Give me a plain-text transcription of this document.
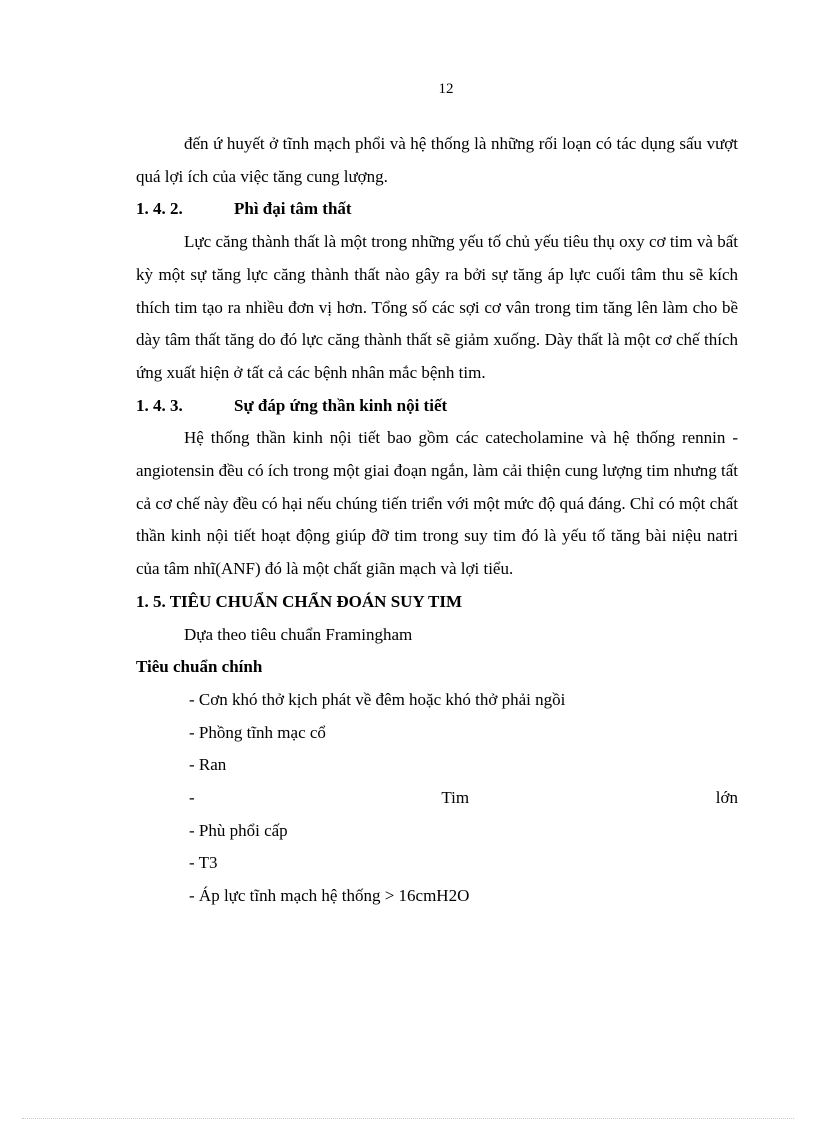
12

đến ứ huyết ở tĩnh mạch phổi và hệ thống là những rối loạn có tác dụng sấu vượt quá lợi ích của việc tăng cung lượng.

1. 4. 2.	Phì đại tâm thất

Lực căng thành thất là một trong những yếu tố chủ yếu tiêu thụ oxy cơ tim và bất kỳ một sự tăng lực căng thành thất nào gây ra bởi sự tăng áp lực cuối tâm thu sẽ kích thích tim tạo ra nhiều đơn vị hơn. Tổng số các sợi cơ vân trong tim tăng lên làm cho bề dày tâm thất tăng do đó lực căng thành thất sẽ giảm xuống. Dày thất là một cơ chế thích ứng xuất hiện ở tất cả các bệnh nhân mắc bệnh tim.

1. 4. 3.	Sự đáp ứng thần kinh nội tiết

Hệ thống thần kinh nội tiết bao gồm các catecholamine và hệ thống rennin - angiotensin đều có ích trong một giai đoạn ngắn, làm cải thiện cung lượng tim nhưng tất cả cơ chế này đều có hại nếu chúng tiến triển với một mức độ quá đáng. Chỉ có một chất thần kinh nội tiết hoạt động giúp đỡ tim trong suy tim đó là yếu tố tăng bài niệu natri của tâm nhĩ(ANF) đó là một chất giãn mạch và lợi tiểu.

1. 5. TIÊU CHUẨN CHẨN ĐOÁN SUY TIM

Dựa theo tiêu chuẩn Framingham

Tiêu chuẩn chính

- Cơn khó thở kịch phát về đêm hoặc khó thở phải ngồi

- Phồng tĩnh mạc cổ

- Ran

-	Tim	lớn

- Phù phổi cấp

- T3

- Áp lực tĩnh mạch hệ thống > 16cmH2O
